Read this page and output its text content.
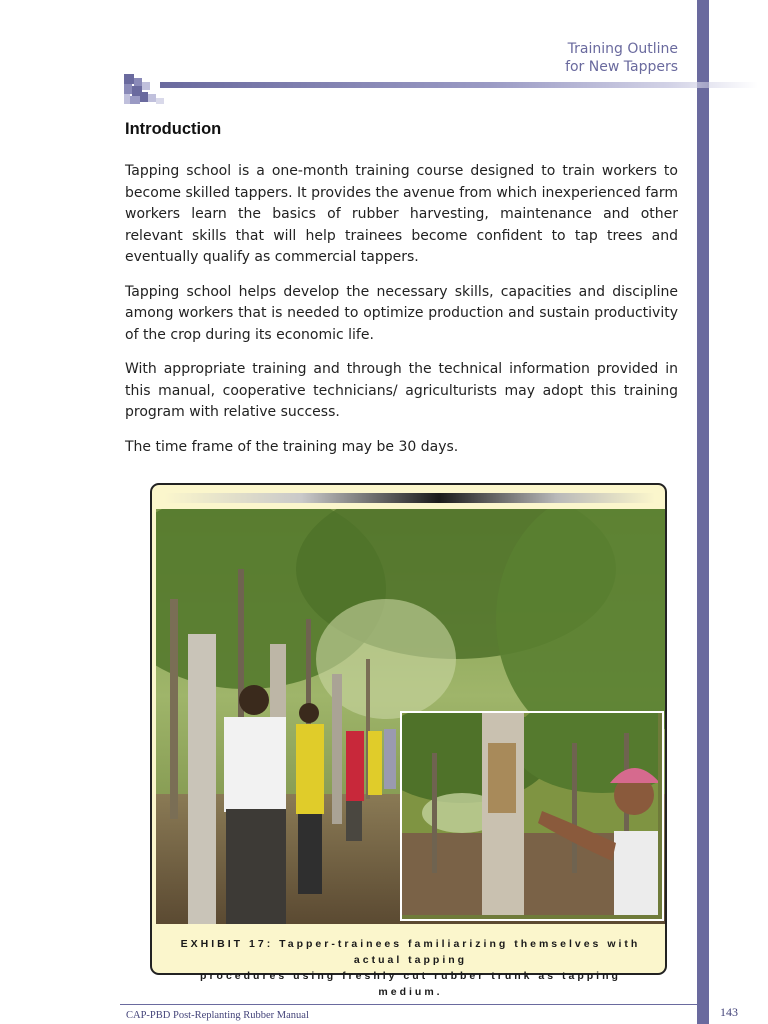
Training Outline
for New Tappers
Introduction

Tapping school is a one-month training course designed to train workers to become skilled tappers. It provides the avenue from which inexperienced farm workers learn the basics of rubber harvesting, maintenance and other relevant skills that will help trainees become confident to tap trees and eventually qualify as commercial tappers.

Tapping school helps develop the necessary skills, capacities and discipline among workers that is needed to optimize production and sustain productivity of the crop during its economic life.

With appropriate training and through the technical information provided in this manual, cooperative technicians/ agriculturists may adopt this training program with relative success.

The time frame of the training may be 30 days.

EXHIBIT 17: Tapper-trainees familiarizing themselves with actual tapping
procedures using freshly cut rubber trunk as tapping medium.
CAP-PBD Post-Replanting Rubber Manual	143
